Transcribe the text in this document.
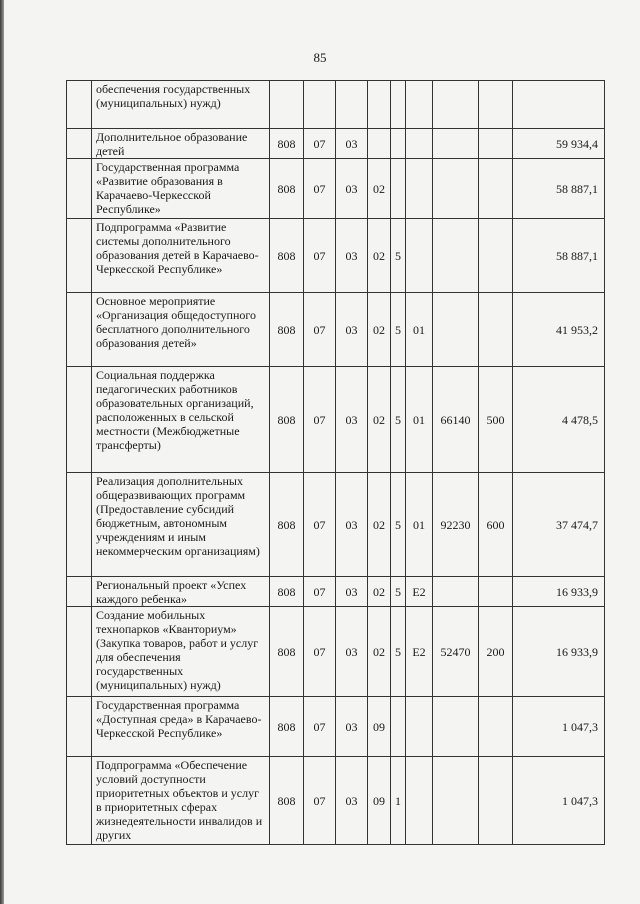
85
	обеспечения государственных (муниципальных) нужд)									
	Дополнительное образование детей	808	07	03						59 934,4
	Государственная программа «Развитие образования в Карачаево-Черкесской Республике»	808	07	03	02					58 887,1
	Подпрограмма «Развитие системы дополнительного образования детей в Карачаево-Черкесской Республике»	808	07	03	02	5				58 887,1
	Основное мероприятие «Организация общедоступного бесплатного дополнительного образования детей»	808	07	03	02	5	01			41 953,2
	Социальная поддержка педагогических работников образовательных организаций, расположенных в сельской местности (Межбюджетные трансферты)	808	07	03	02	5	01	66140	500	4 478,5
	Реализация дополнительных общеразвивающих программ (Предоставление субсидий бюджетным, автономным учреждениям и иным некоммерческим организациям)	808	07	03	02	5	01	92230	600	37 474,7
	Региональный проект «Успех каждого ребенка»	808	07	03	02	5	E2			16 933,9
	Создание мобильных технопарков «Кванториум» (Закупка товаров, работ и услуг для обеспечения государственных (муниципальных) нужд)	808	07	03	02	5	E2	52470	200	16 933,9
	Государственная программа «Доступная среда» в Карачаево-Черкесской Республике»	808	07	03	09					1 047,3
	Подпрограмма «Обеспечение условий доступности приоритетных объектов и услуг в приоритетных сферах жизнедеятельности инвалидов и других	808	07	03	09	1				1 047,3
